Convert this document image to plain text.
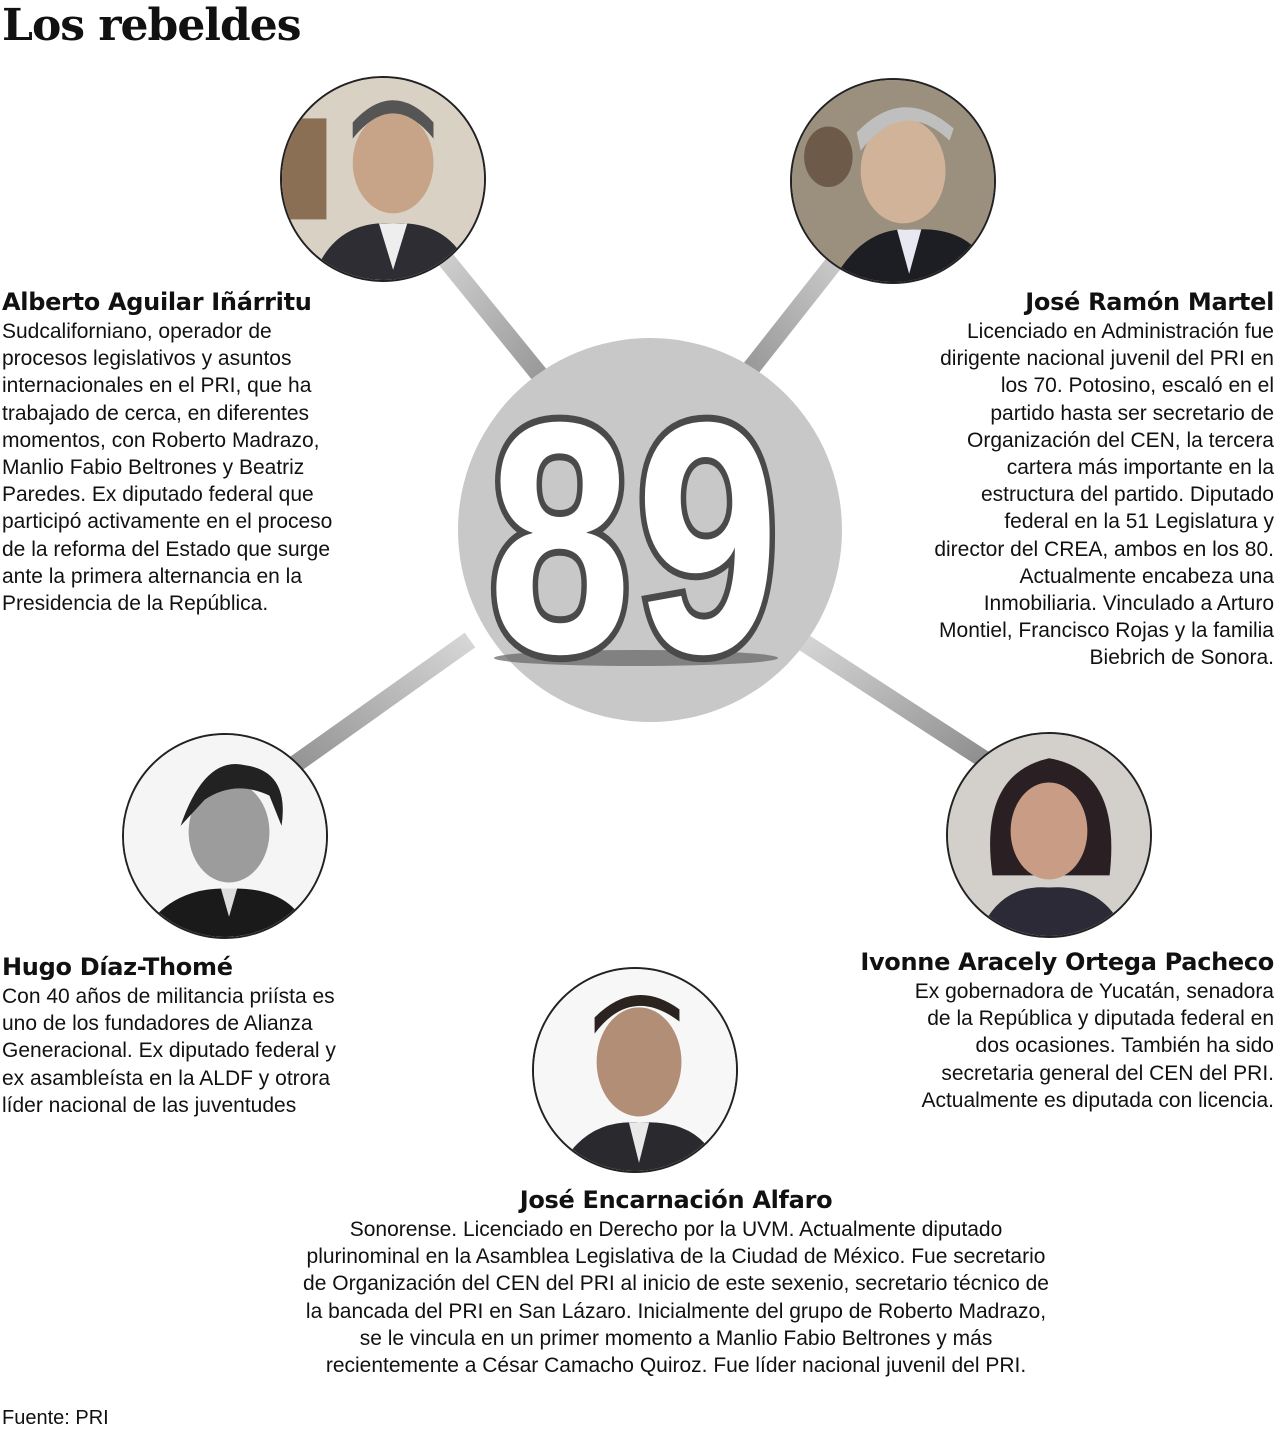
Los rebeldes
89
Alberto Aguilar Iñárritu

Sudcaliforniano, operador de
procesos legislativos y asuntos
internacionales en el PRI, que ha
trabajado de cerca, en diferentes
momentos, con Roberto Madrazo,
Manlio Fabio Beltrones y Beatriz
Paredes. Ex diputado federal que
participó activamente en el proceso
de la reforma del Estado que surge
ante la primera alternancia en la
Presidencia de la República.

José Ramón Martel

Licenciado en Administración fue
dirigente nacional juvenil del PRI en
los 70. Potosino, escaló en el
partido hasta ser secretario de
Organización del CEN, la tercera
cartera más importante en la
estructura del partido. Diputado
federal en la 51 Legislatura y
director del CREA, ambos en los 80.
Actualmente encabeza una
Inmobiliaria. Vinculado a Arturo
Montiel, Francisco Rojas y la familia
Biebrich de Sonora.

Hugo Díaz-Thomé

Con 40 años de militancia priísta es
uno de los fundadores de Alianza
Generacional. Ex diputado federal y
ex asambleísta en la ALDF y otrora
líder nacional de las juventudes

Ivonne Aracely Ortega Pacheco

Ex gobernadora de Yucatán, senadora
de la República y diputada federal en
dos ocasiones. También ha sido
secretaria general del CEN del PRI.
Actualmente es diputada con licencia.

José Encarnación Alfaro

Sonorense. Licenciado en Derecho por la UVM. Actualmente diputado
plurinominal en la Asamblea Legislativa de la Ciudad de México. Fue secretario
de Organización del CEN del PRI al inicio de este sexenio, secretario técnico de
la bancada del PRI en San Lázaro. Inicialmente del grupo de Roberto Madrazo,
se le vincula en un primer momento a Manlio Fabio Beltrones y más
recientemente a César Camacho Quiroz. Fue líder nacional juvenil del PRI.

Fuente: PRI
